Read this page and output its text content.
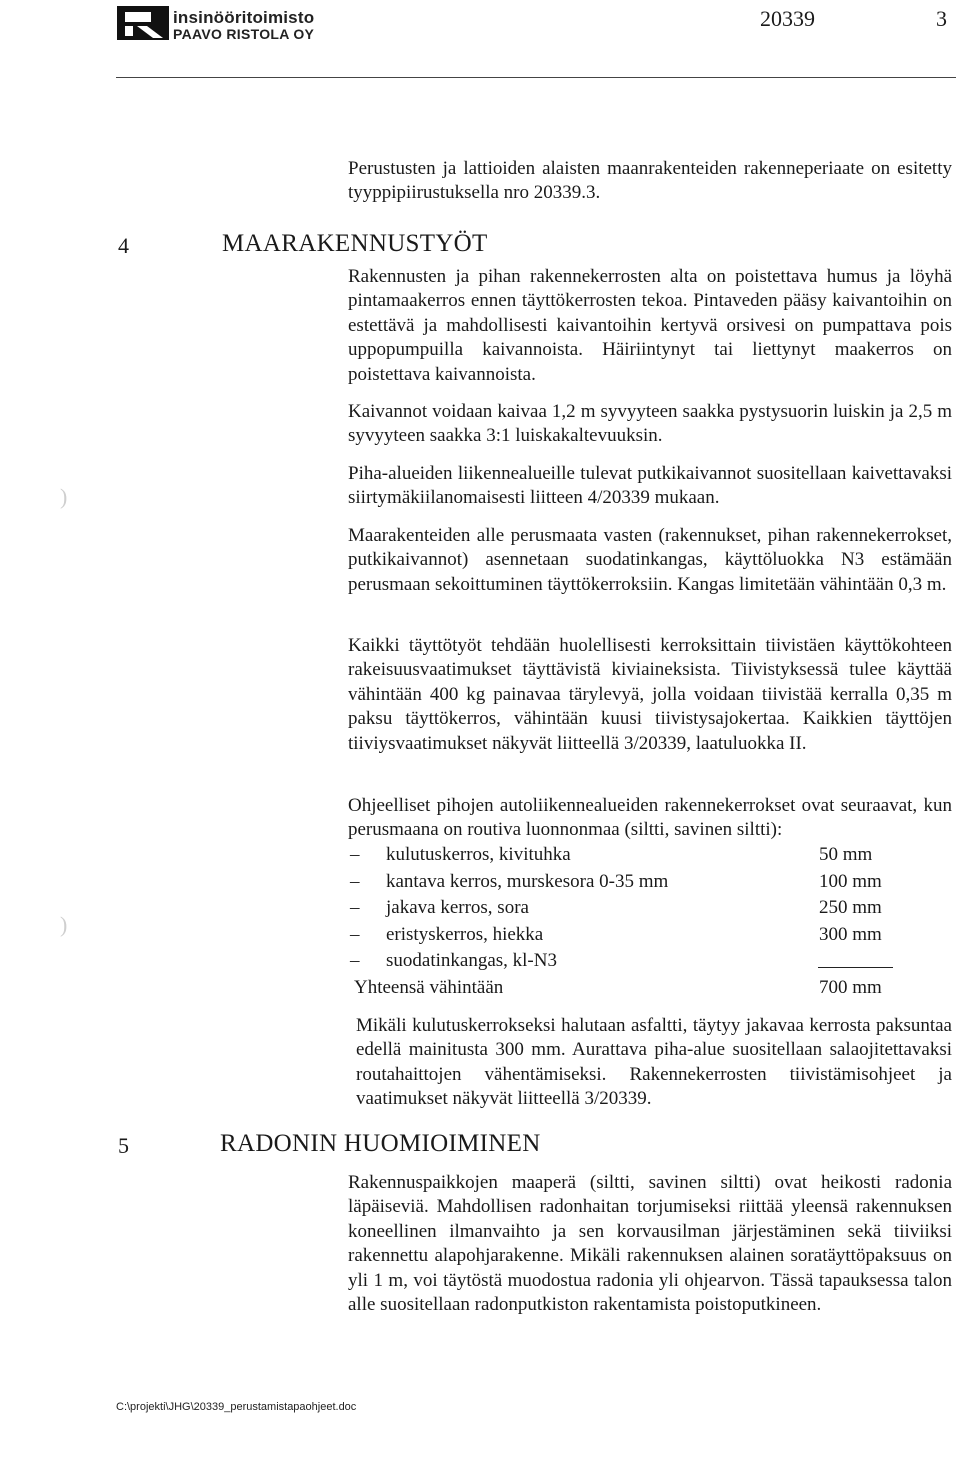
insinööritoimisto
PAAVO RISTOLA OY
20339	3

Perustusten ja lattioiden alaisten maanrakenteiden rakenneperiaate on esitetty tyyppipiirustuksella nro 20339.3.

4	MAARAKENNUSTYÖT

Rakennusten ja pihan rakennekerrosten alta on poistettava humus ja löyhä pintamaakerros ennen täyttökerrosten tekoa. Pintaveden pääsy kaivantoihin on estettävä ja mahdollisesti kaivantoihin kertyvä orsivesi on pumpattava pois uppopumpuilla kaivannoista. Häiriintynyt tai liettynyt maakerros on poistettava kaivannoista.

Kaivannot voidaan kaivaa 1,2 m syvyyteen saakka pystysuorin luiskin ja 2,5 m syvyyteen saakka 3:1 luiskakaltevuuksin.

Piha-alueiden liikennealueille tulevat putkikaivannot suositellaan kaivettavaksi siirtymäkiilanomaisesti liitteen 4/20339 mukaan.

Maarakenteiden alle perusmaata vasten (rakennukset, pihan rakennekerrokset, putkikaivannot) asennetaan suodatinkangas, käyttöluokka N3 estämään perusmaan sekoittuminen täyttökerroksiin. Kangas limitetään vähintään 0,3 m.

Kaikki täyttötyöt tehdään huolellisesti kerroksittain tiivistäen käyttökohteen rakeisuusvaatimukset täyttävistä kiviaineksista. Tiivistyksessä tulee käyttää vähintään 400 kg painavaa tärylevyä, jolla voidaan tiivistää kerralla 0,35 m paksu täyttökerros, vähintään kuusi tiivistysajokertaa. Kaikkien täyttöjen tiiviysvaatimukset näkyvät liitteellä 3/20339, laatuluokka II.

Ohjeelliset pihojen autoliikennealueiden rakennekerrokset ovat seuraavat, kun perusmaana on routiva luonnonmaa (siltti, savinen siltti):

– kulutuskerros, kivituhka	50 mm
– kantava kerros, murskesora 0-35 mm	100 mm
– jakava kerros, sora	250 mm
– eristyskerros, hiekka	300 mm
– suodatinkangas, kl-N3
Yhteensä vähintään	700 mm

Mikäli kulutuskerrokseksi halutaan asfaltti, täytyy jakavaa kerrosta paksuntaa edellä mainitusta 300 mm. Aurattava piha-alue suositellaan salaojitettavaksi routahaittojen vähentämiseksi. Rakennekerrosten tiivistämisohjeet ja vaatimukset näkyvät liitteellä 3/20339.

5	RADONIN HUOMIOIMINEN

Rakennuspaikkojen maaperä (siltti, savinen siltti) ovat heikosti radonia läpäiseviä. Mahdollisen radonhaitan torjumiseksi riittää yleensä rakennuksen koneellinen ilmanvaihto ja sen korvausilman järjestäminen sekä tiiviiksi rakennettu alapohjarakenne. Mikäli rakennuksen alainen soratäyttöpaksuus on yli 1 m, voi täytöstä muodostua radonia yli ohjearvon. Tässä tapauksessa talon alle suositellaan radonputkiston rakentamista poistoputkineen.

C:\projekti\JHG\20339_perustamistapaohjeet.doc
)
)
